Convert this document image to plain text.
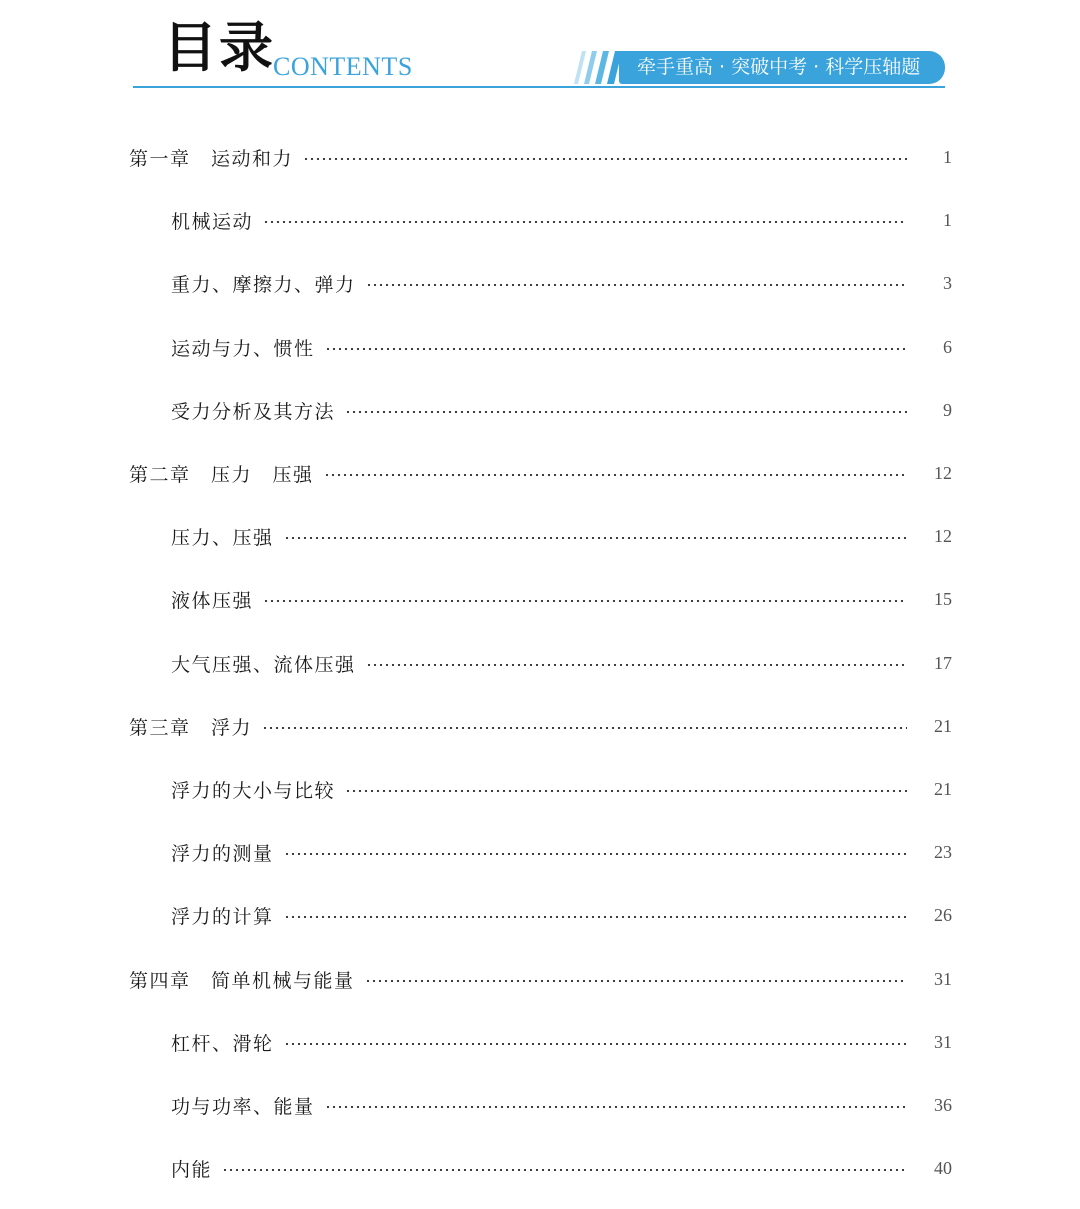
目录
CONTENTS	牵手重高 · 突破中考 · 科学压轴题
第一章　运动和力	1
机械运动	1
重力、摩擦力、弹力	3
运动与力、惯性	6
受力分析及其方法	9
第二章　压力　压强	12
压力、压强	12
液体压强	15
大气压强、流体压强	17
第三章　浮力	21
浮力的大小与比较	21
浮力的测量	23
浮力的计算	26
第四章　简单机械与能量	31
杠杆、滑轮	31
功与功率、能量	36
内能	40
